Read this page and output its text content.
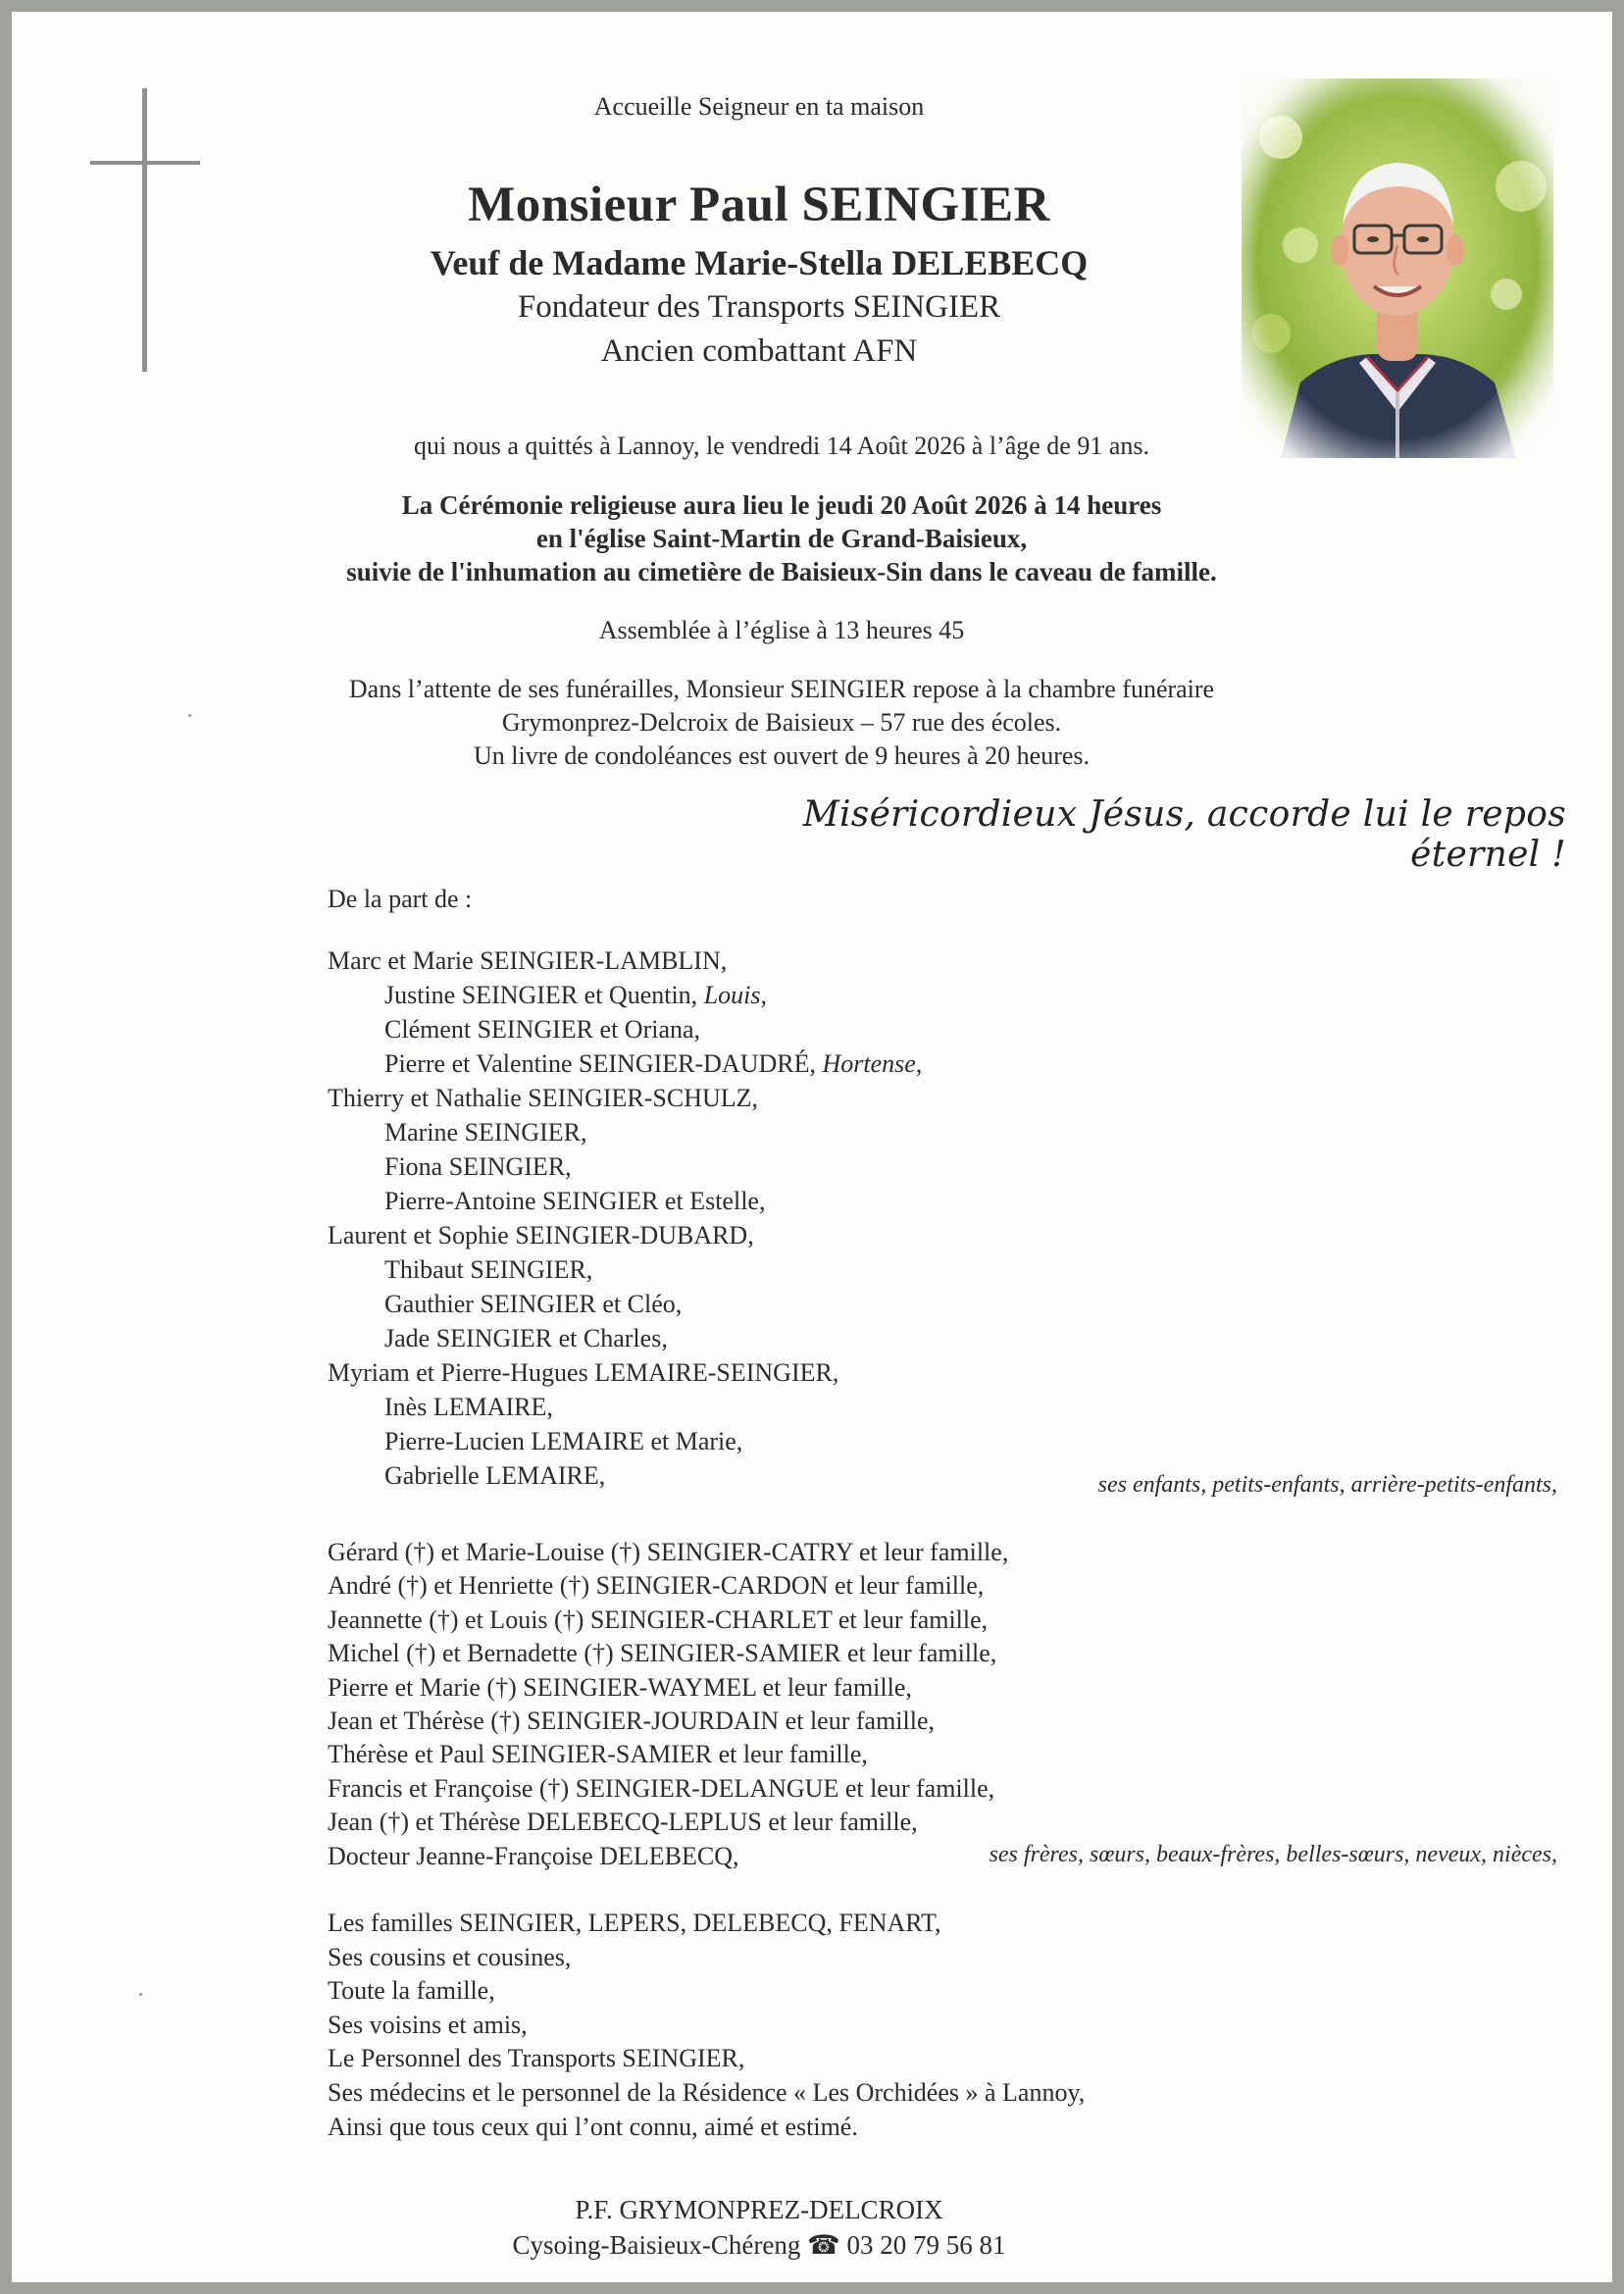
Accueille Seigneur en ta maison
Monsieur Paul SEINGIER
Veuf de Madame Marie-Stella DELEBECQ
Fondateur des Transports SEINGIER
Ancien combattant AFN
qui nous a quittés à Lannoy, le vendredi 14 Août 2026 à l’âge de 91 ans.
La Cérémonie religieuse aura lieu le jeudi 20 Août 2026 à 14 heures
en l'église Saint-Martin de Grand-Baisieux,
suivie de l'inhumation au cimetière de Baisieux-Sin dans le caveau de famille.
Assemblée à l’église à 13 heures 45
Dans l’attente de ses funérailles, Monsieur SEINGIER repose à la chambre funéraire
Grymonprez-Delcroix de Baisieux – 57 rue des écoles.
Un livre de condoléances est ouvert de 9 heures à 20 heures.
Miséricordieux Jésus, accorde lui le repos éternel !
De la part de :
ses enfants, petits-enfants, arrière-petits-enfants,
ses frères, sœurs, beaux-frères, belles-sœurs, neveux, nièces,
P.F. GRYMONPREZ-DELCROIX
Cysoing-Baisieux-Chéreng ☎ 03 20 79 56 81
Marc et Marie SEINGIER-LAMBLIN,
Justine SEINGIER et Quentin, Louis,
Clément SEINGIER et Oriana,
Pierre et Valentine SEINGIER-DAUDRÉ, Hortense,
Thierry et Nathalie SEINGIER-SCHULZ,
Marine SEINGIER,
Fiona SEINGIER,
Pierre-Antoine SEINGIER et Estelle,
Laurent et Sophie SEINGIER-DUBARD,
Thibaut SEINGIER,
Gauthier SEINGIER et Cléo,
Jade SEINGIER et Charles,
Myriam et Pierre-Hugues LEMAIRE-SEINGIER,
Inès LEMAIRE,
Pierre-Lucien LEMAIRE et Marie,
Gabrielle LEMAIRE,
Gérard (†) et Marie-Louise (†) SEINGIER-CATRY et leur famille,
André (†) et Henriette (†) SEINGIER-CARDON et leur famille,
Jeannette (†) et Louis (†) SEINGIER-CHARLET et leur famille,
Michel (†) et Bernadette (†) SEINGIER-SAMIER et leur famille,
Pierre et Marie (†) SEINGIER-WAYMEL et leur famille,
Jean et Thérèse (†) SEINGIER-JOURDAIN et leur famille,
Thérèse et Paul SEINGIER-SAMIER et leur famille,
Francis et Françoise (†) SEINGIER-DELANGUE et leur famille,
Jean (†) et Thérèse DELEBECQ-LEPLUS et leur famille,
Docteur Jeanne-Françoise DELEBECQ,
Les familles SEINGIER, LEPERS, DELEBECQ, FENART,
Ses cousins et cousines,
Toute la famille,
Ses voisins et amis,
Le Personnel des Transports SEINGIER,
Ses médecins et le personnel de la Résidence « Les Orchidées » à Lannoy,
Ainsi que tous ceux qui l’ont connu, aimé et estimé.
